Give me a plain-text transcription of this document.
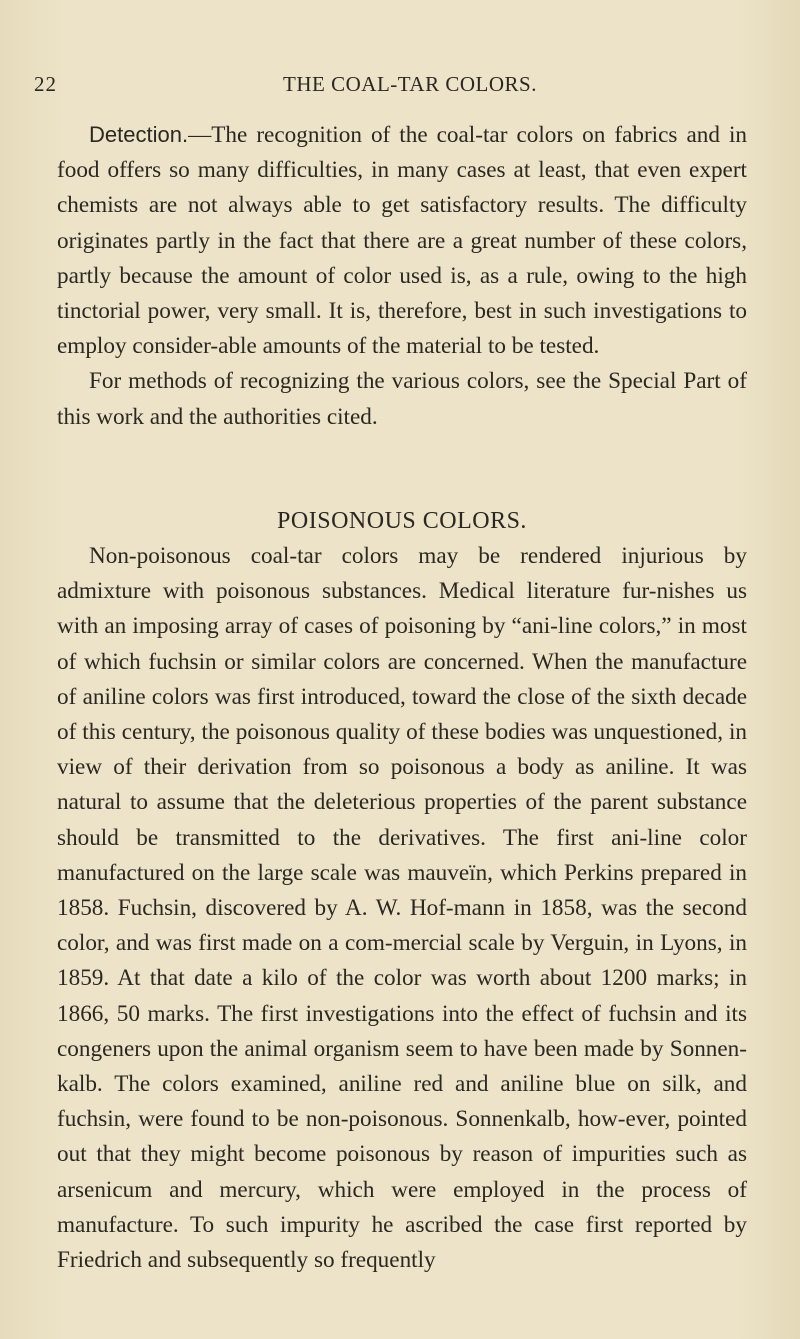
22	THE COAL-TAR COLORS.

Detection.—The recognition of the coal-tar colors on fabrics and in food offers so many difficulties, in many cases at least, that even expert chemists are not always able to get satisfactory results. The difficulty originates partly in the fact that there are a great number of these colors, partly because the amount of color used is, as a rule, owing to the high tinctorial power, very small. It is, therefore, best in such investigations to employ consider-able amounts of the material to be tested.

For methods of recognizing the various colors, see the Special Part of this work and the authorities cited.

POISONOUS COLORS.

Non-poisonous coal-tar colors may be rendered injurious by admixture with poisonous substances. Medical literature fur-nishes us with an imposing array of cases of poisoning by “ani-line colors,” in most of which fuchsin or similar colors are concerned. When the manufacture of aniline colors was first introduced, toward the close of the sixth decade of this century, the poisonous quality of these bodies was unquestioned, in view of their derivation from so poisonous a body as aniline. It was natural to assume that the deleterious properties of the parent substance should be transmitted to the derivatives. The first ani-line color manufactured on the large scale was mauveïn, which Perkins prepared in 1858. Fuchsin, discovered by A. W. Hof-mann in 1858, was the second color, and was first made on a com-mercial scale by Verguin, in Lyons, in 1859. At that date a kilo of the color was worth about 1200 marks; in 1866, 50 marks. The first investigations into the effect of fuchsin and its congeners upon the animal organism seem to have been made by Sonnen-kalb. The colors examined, aniline red and aniline blue on silk, and fuchsin, were found to be non-poisonous. Sonnenkalb, how-ever, pointed out that they might become poisonous by reason of impurities such as arsenicum and mercury, which were employed in the process of manufacture. To such impurity he ascribed the case first reported by Friedrich and subsequently so frequently
